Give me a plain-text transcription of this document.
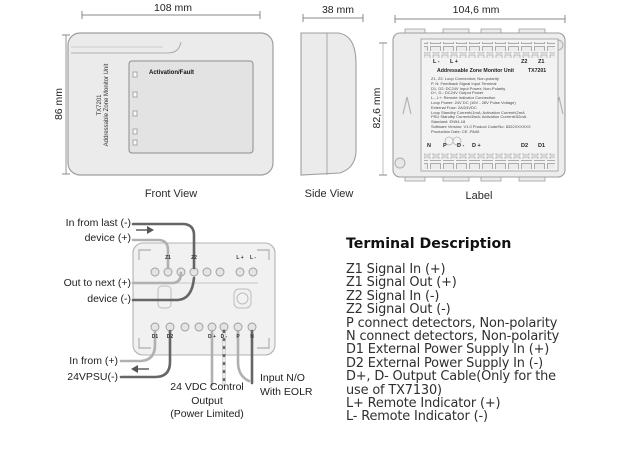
108 mm
86 mm	TX7201 Addressable Zone Monitor Unit	Activation/Fault
Front View
38 mm
Side View
104,6 mm
82,6 mm
L - L +	Z2 Z1
Addressable Zone Monitor Unit	TX7201
Z1, Z2: Loop Connection; Non-polarity
P, N: Feedback Signal Input Terminal
D1, D2: DC24V Input Power; Non-Polarity
D+, D-: DC24V Output Power
L-, L+: Remote Indicator Connection
Loop Power: 24V DC (16V - 28V Pulse Voltage)
External Fuse: 2A/24VDC
Loop Standby Current≤1mA; Activation Current≤2mA
PSU Standby Current≤5mA; Activation Current≤52mA
Standard: EN54-18
Software Version: V1.0 Product Code/No: 8322XXXXXX
Production Date: CE -PA06
N P D - D +	D2 D1
Label
Z1	Z2	L +	L -
D1	D2	D + D -	P	N
In from last (-)
device (+)
Out to next (+)
device (-)
In from (+)
24VPSU(-)
24 VDC Control
Output
(Power Limited)
Input N/O
With EOLR
Terminal Description
Z1 Signal In (+)
Z1 Signal Out (+)
Z2 Signal In (-)
Z2 Signal Out (-)
P connect detectors, Non-polarity
N connect detectors, Non-polarity
D1 External Power Supply In (+)
D2 External Power Supply In (-)
D+, D- Output Cable(Only for the
use of TX7130)
L+ Remote Indicator (+)
L- Remote Indicator (-)
